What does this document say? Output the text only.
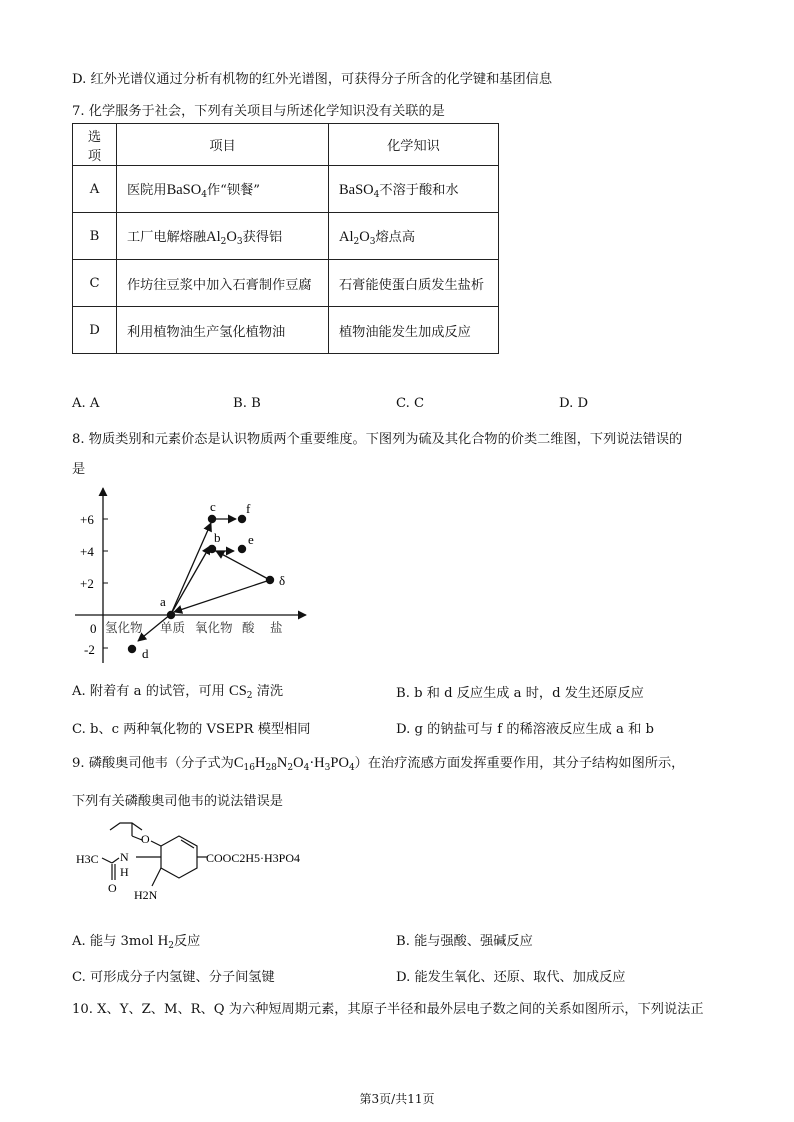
D. 红外光谱仪通过分析有机物的红外光谱图，可获得分子所含的化学键和基团信息
7. 化学服务于社会，下列有关项目与所述化学知识没有关联的是
选项	项目	化学知识
A	医院用BaSO$_4$作“钡餐”	BaSO$_4$不溶于酸和水
B	工厂电解熔融$Al_2O_3$获得铝	$Al_2O_3$熔点高
C	作坊往豆浆中加入石膏制作豆腐	石膏能使蛋白质发生盐析
D	利用植物油生产氢化植物油	植物油能发生加成反应
A. A	B. B	C. C	D. D
8. 物质类别和元素价态是认识物质两个重要维度。下图列为硫及其化合物的价类二维图，下列说法错误的
是
+6
+4
+2
0
-2
氢化物 单质 氧化物 酸 盐
a
b
c
d
e
f
δ
A. 附着有 a 的试管，可用 $CS_2$ 清洗	B. b 和 d 反应生成 a 时，d 发生还原反应
C. b、c 两种氧化物的 VSEPR 模型相同	D. g 的钠盐可与 f 的稀溶液反应生成 a 和 b
9. 磷酸奥司他韦（分子式为$C_{16}H_{28}N_2O_4\cdot H_3PO_4$）在治疗流感方面发挥重要作用，其分子结构如图所示，
下列有关磷酸奥司他韦的说法错误是
O
COOC2H5·H3PO4
N
H
H3C
O H2N
A. 能与 3mol $H_2$反应	B. 能与强酸、强碱反应
C. 可形成分子内氢键、分子间氢键	D. 能发生氧化、还原、取代、加成反应
10. X、Y、Z、M、R、Q 为六种短周期元素，其原子半径和最外层电子数之间的关系如图所示，下列说法正
第3页/共11页
